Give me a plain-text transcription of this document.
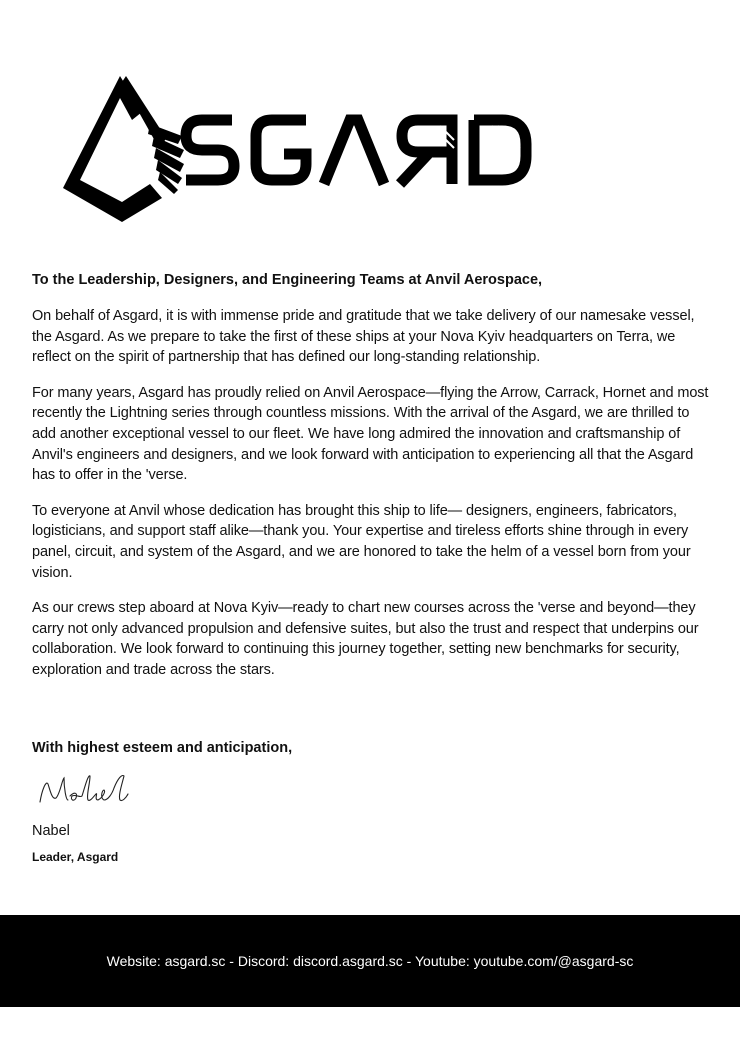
To the Leadership, Designers, and Engineering Teams at Anvil Aerospace,

On behalf of Asgard, it is with immense pride and gratitude that we take delivery of our namesake vessel, the Asgard. As we prepare to take the first of these ships at your Nova Kyiv headquarters on Terra, we reflect on the spirit of partnership that has defined our long-standing relationship.

For many years, Asgard has proudly relied on Anvil Aerospace—flying the Arrow, Carrack, Hornet and most recently the Lightning series through countless missions. With the arrival of the Asgard, we are thrilled to add another exceptional vessel to our fleet. We have long admired the innovation and craftsmanship of Anvil's engineers and designers, and we look forward with anticipation to experiencing all that the Asgard has to offer in the 'verse.

To everyone at Anvil whose dedication has brought this ship to life— designers, engineers, fabricators, logisticians, and support staff alike—thank you. Your expertise and tireless efforts shine through in every panel, circuit, and system of the Asgard, and we are honored to take the helm of a vessel born from your vision.

As our crews step aboard at Nova Kyiv—ready to chart new courses across the 'verse and beyond—they carry not only advanced propulsion and defensive suites, but also the trust and respect that underpins our collaboration. We look forward to continuing this journey together, setting new benchmarks for security, exploration and trade across the stars.

With highest esteem and anticipation,

Nabel

Leader, Asgard

Website: asgard.sc - Discord: discord.asgard.sc - Youtube: youtube.com/@asgard-sc
